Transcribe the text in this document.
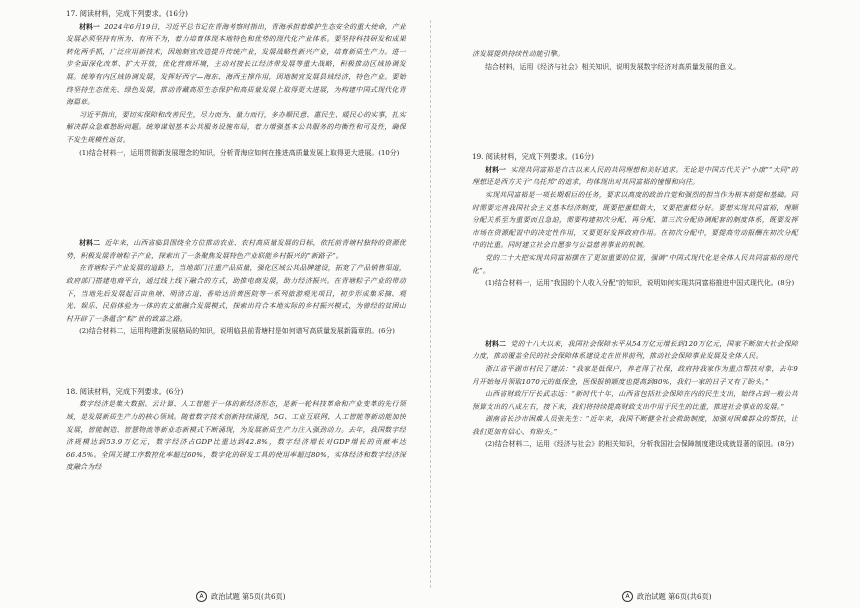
17. 阅读材料，完成下列要求。(16分)

材料一 2024年6月19日，习近平总书记在青海考察时指出，青海承担着维护生态安全的重大使命，产业发展必须坚持有所为、有所不为，着力培育体现本地特色和优势的现代化产业体系。要坚持科技研发和成果转化两手抓，广泛应用新技术，因地制宜改造提升传统产业，发展战略性新兴产业，培育新质生产力。进一步全面深化改革、扩大开放，优化营商环境，主动对接长江经济带发展等重大战略，积极推动区域协调发展。统筹有内区域协调发展，发挥好西宁—海东、海西主撑作用，因地制宜发展县域经济，特色产业。要始终坚持生态优先、绿色发展，推动青藏高原生态保护和高质量发展上取得更大进展，为构建中国式现代化青海篇章。

习近平指出，要切实保障和改善民生，尽力而为、量力而行，多办顺民意、惠民生、暖民心的实事，扎实解决群众急难愁盼问题。统筹谋划基本公共服务设施布局，着力增强基本公共服务的均衡性和可及性，确保不发生规模性返贫。

(1)结合材料一，运用贯彻新发展理念的知识，分析青海应如何在推进高质量发展上取得更大进展。(10分)

材料二 近年来，山西省临县围绕全方位推动农业、农村高质量发展的目标，依托前青塘村独特的资源优势，积极发展青塘粽子产业，探索出了一条聚焦发展特色产业联能乡村振兴的“新路子”。

在青塘粽子产业发展的道路上，当地部门注重产品质量，强化区域公共品牌建设，拓宽了产品销售渠道，政府部门搭建电商平台，通过线上线下融合的方式，助推电商发展，助力经济振兴。在青塘粽子产业的带动下，当地先后发展起百亩鱼塘、明清古道、香哈达沿黄医院等一系列旅游观光项目，初步形成集采摘、观光、娱乐、民俗体验为一体的农文旅融合发展模式，探索出符合本地实际的乡村振兴模式，为曾经的贫困山村开辟了一条蕴含“粽”景的致富之路。

(2)结合材料二，运用构建新发展格局的知识，说明临县前青塘村是如何谱写高质量发展新篇章的。(6分)

18. 阅读材料，完成下列要求。(6分)

数字经济是集大数据、云计算、人工智能于一体的新经济形态，是新一轮科技革命和产业变革的先行领域，是发展新质生产力的核心领域。随着数字技术创新持续涌现，5G、工业互联网、人工智能等新动能加快发展，智能制造、智慧物流等新业态新模式不断涌现，为发展新质生产力注入强劲动力。去年，我国数字经济规模达到53.9万亿元，数字经济占GDP比重达到42.8%，数字经济增长对GDP增长的贡献率达66.45%。全国关键工序数控化率超过60%，数字化的研发工具的使用率超过80%，实体经济和数字经济深度融合为经

济发展提供持续性动能引擎。

结合材料，运用《经济与社会》相关知识，说明发展数字经济对高质量发展的意义。

19. 阅读材料，完成下列要求。(16分)

材料一 实现共同富裕是自古以来人民的共同理想和美好追求。无论是中国古代关于“小康”“大同”的理想还是西方关于“乌托邦”的追求，均体现出对共同富裕的憧憬和向往。

实现共同富裕是一项长期艰巨的任务，要求以高度的政治自觉和强烈的担当作为根本前提和基础。同时需要完善我国社会主义基本经济制度，既要把蛋糕做大，又要把蛋糕分好。要想实现共同富裕，理顺分配关系至为重要而且急迫，需要构建初次分配、再分配、第三次分配协调配套的制度体系，既要发挥市场在资源配置中的决定性作用，又要更好发挥政府作用。在初次分配中，要提高劳动报酬在初次分配中的比重。同时建立社会自愿参与公益慈善事业的机制。

党的二十大把实现共同富裕摆在了更加重要的位置，强调“中国式现代化是全体人民共同富裕的现代化”。

(1)结合材料一，运用“我国的个人收入分配”的知识，说明如何实现共同富裕推进中国式现代化。(8分)

材料二 党的十八大以来，我国社会保障水平从54万亿元增长到120万亿元，国家不断加大社会保障力度，推动覆盖全民的社会保障体系建设走在世界前列，推动社会保障事业发展及全体人民。

浙江省平湖市村民了建法：“我家是低保户，养老得了社保，政府持我家作为重点帮扶对象，去年9月开始每月领取1070元的低保金，医保报销额度也提高到80%，我们一家的日子又有了盼头。”

山西省财政厅厅长武志远：“新时代十年，山西省包括社会保障在内的民生支出，始终占到一般公共预算支出的八成左右，接下来，我们将持续提高财政支出中用于民生的比重，推进社会事业的发展。”

湖南省长沙市困难人员张先生：“近年来，我国不断健全社会救助制度，加强对困难群众的帮扶，让我们更加有信心、有盼头。”

(2)结合材料二，运用《经济与社会》的相关知识，分析我国社会保障制度建设成就显著的原因。(8分)

A	政治试题 第5页(共6页)	A	政治试题 第6页(共6页)
